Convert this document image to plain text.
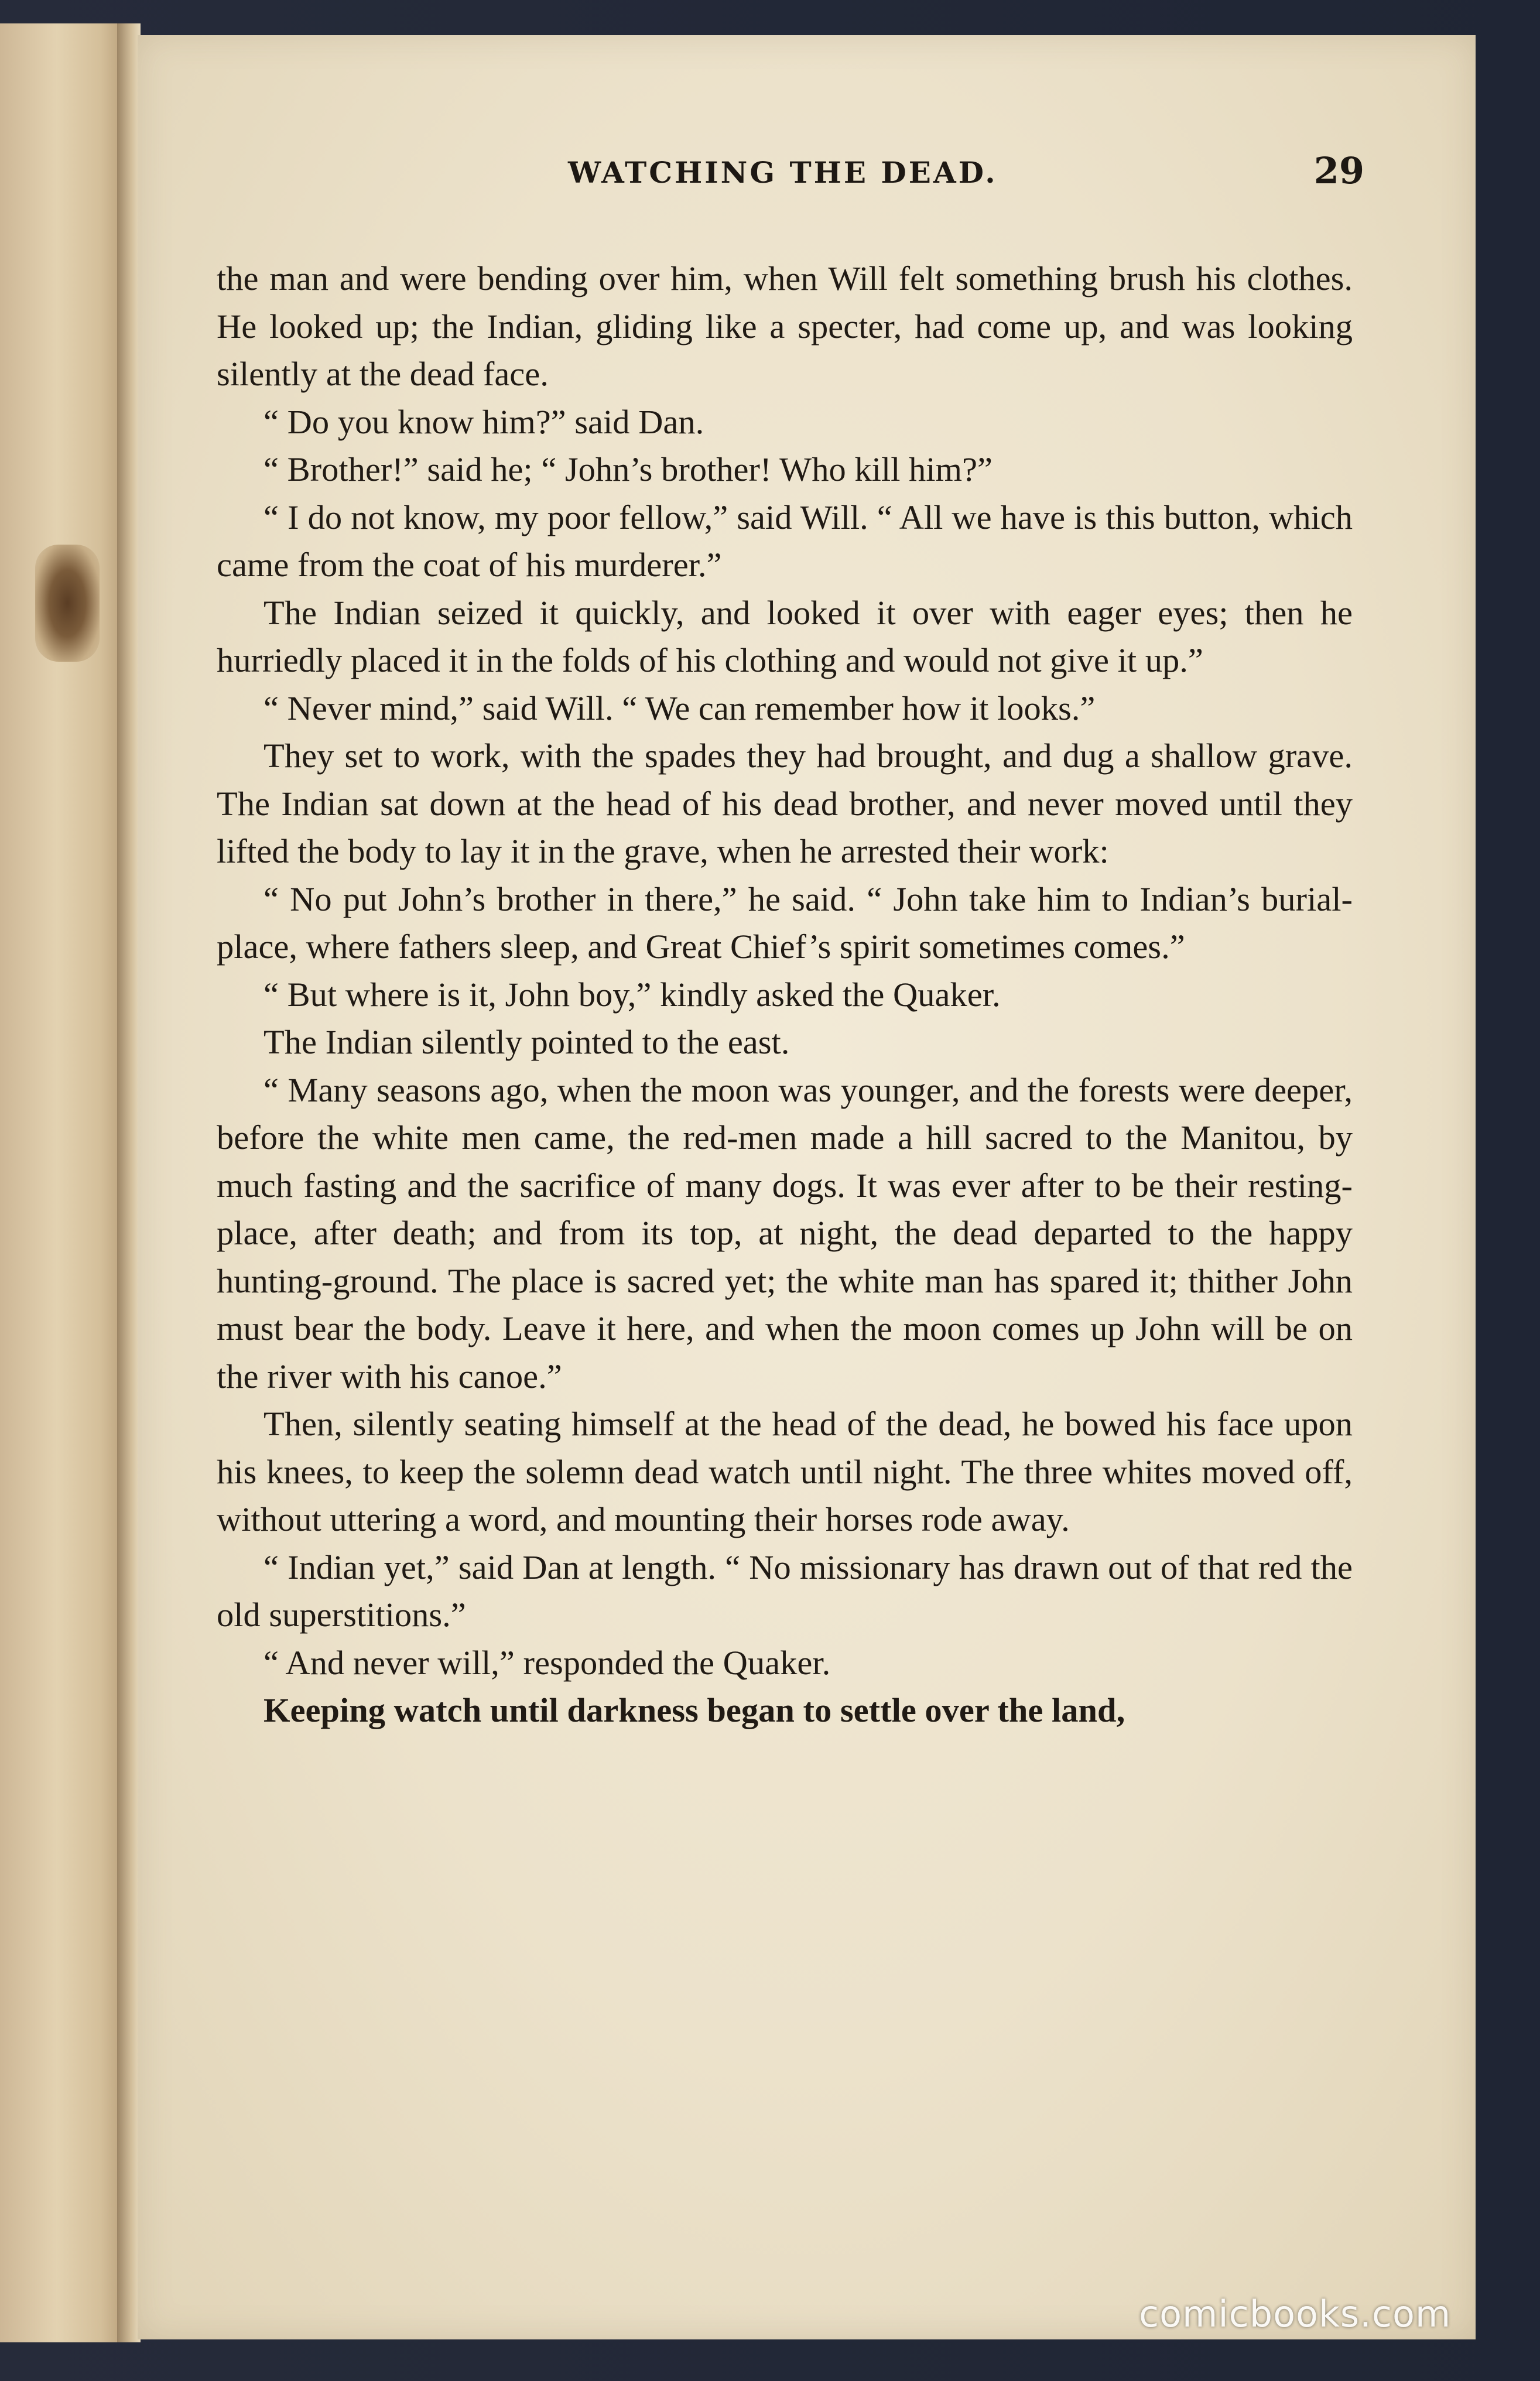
WATCHING THE DEAD.	29

the man and were bending over him, when Will felt something brush his clothes. He looked up; the Indian, gliding like a specter, had come up, and was looking silently at the dead face.

“ Do you know him?” said Dan.

“ Brother!” said he; “ John’s brother! Who kill him?”

“ I do not know, my poor fellow,” said Will. “ All we have is this button, which came from the coat of his murderer.”

The Indian seized it quickly, and looked it over with eager eyes; then he hurriedly placed it in the folds of his clothing and would not give it up.”

“ Never mind,” said Will. “ We can remember how it looks.”

They set to work, with the spades they had brought, and dug a shallow grave. The Indian sat down at the head of his dead brother, and never moved until they lifted the body to lay it in the grave, when he arrested their work:

“ No put John’s brother in there,” he said. “ John take him to Indian’s burial-place, where fathers sleep, and Great Chief’s spirit sometimes comes.”

“ But where is it, John boy,” kindly asked the Quaker.

The Indian silently pointed to the east.

“ Many seasons ago, when the moon was younger, and the forests were deeper, before the white men came, the red-men made a hill sacred to the Manitou, by much fasting and the sacrifice of many dogs. It was ever after to be their resting-place, after death; and from its top, at night, the dead departed to the happy hunting-ground. The place is sacred yet; the white man has spared it; thither John must bear the body. Leave it here, and when the moon comes up John will be on the river with his canoe.”

Then, silently seating himself at the head of the dead, he bowed his face upon his knees, to keep the solemn dead watch until night. The three whites moved off, without uttering a word, and mounting their horses rode away.

“ Indian yet,” said Dan at length. “ No missionary has drawn out of that red the old superstitions.”

“ And never will,” responded the Quaker.

Keeping watch until darkness began to settle over the land,

comicbooks.com
